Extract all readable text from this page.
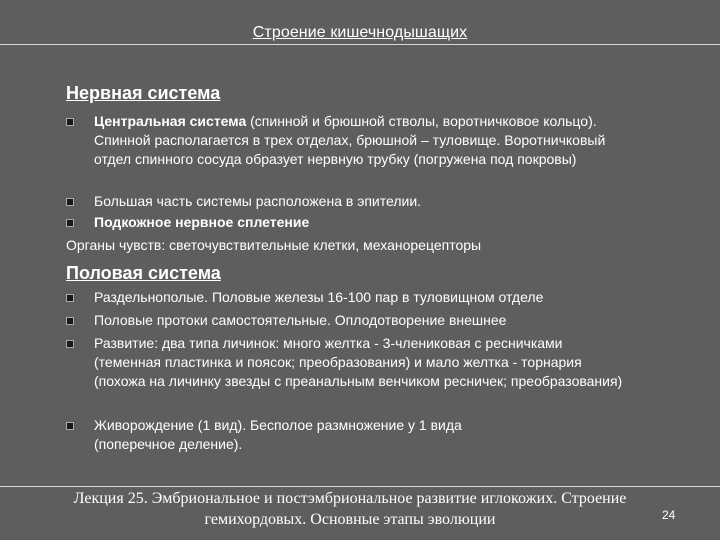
Строение кишечнодышащих
Нервная система
Центральная система (спинной и брюшной стволы, воротничковое кольцо). Спинной располагается в трех отделах, брюшной – туловище. Воротничковый отдел спинного сосуда образует нервную трубку (погружена под покровы)
Большая часть системы расположена в эпителии.
Подкожное нервное сплетение
Органы чувств: светочувствительные клетки, механорецепторы
Половая система
Раздельнополые. Половые железы 16-100 пар в туловищном отделе
Половые протоки самостоятельные. Оплодотворение внешнее
Развитие: два типа личинок: много желтка - 3-члениковая с ресничками (теменная пластинка и поясок; преобразования) и мало желтка - торнария (похожа на личинку звезды с преанальным венчиком ресничек; преобразования)
Живорождение (1 вид). Бесполое размножение у 1 вида (поперечное деление).
Лекция 25. Эмбриональное и постэмбриональное развитие иглокожих. Строение гемихордовых. Основные этапы эволюции	24
